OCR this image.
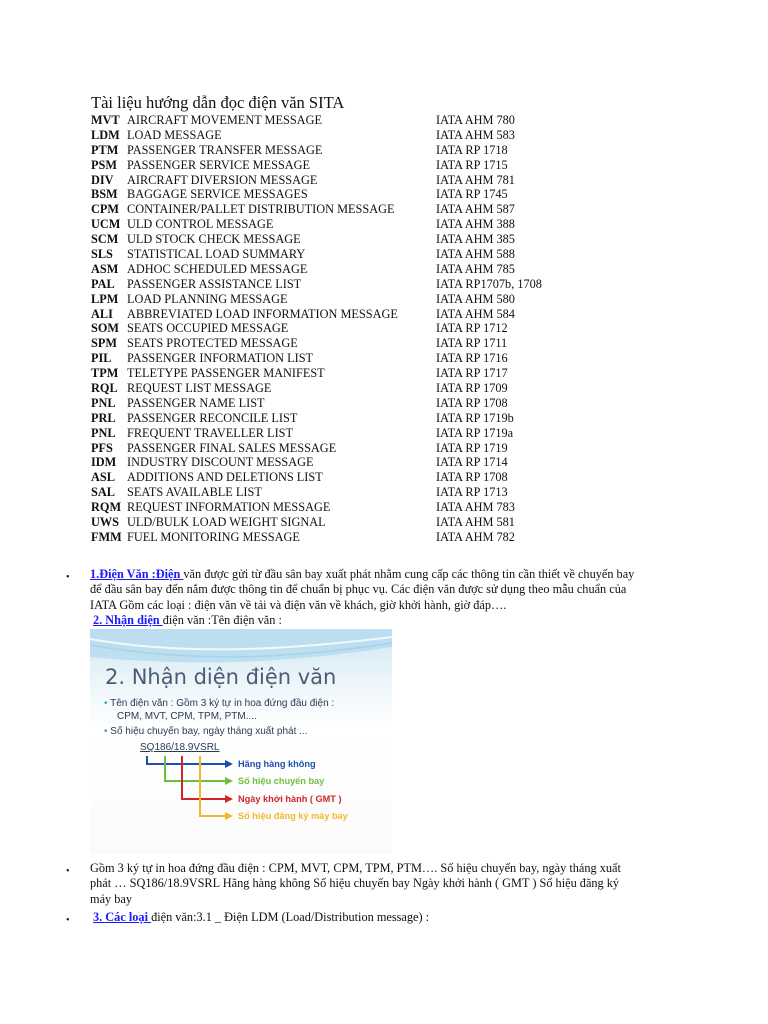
Tài liệu hướng dẫn đọc điện văn SITA
MVT AIRCRAFT MOVEMENT MESSAGE	IATA AHM 780
LDM LOAD MESSAGE	IATA AHM 583
PTM PASSENGER TRANSFER MESSAGE	IATA RP 1718
PSM PASSENGER SERVICE MESSAGE	IATA RP 1715
DIV AIRCRAFT DIVERSION MESSAGE	IATA AHM 781
BSM BAGGAGE SERVICE MESSAGES	IATA RP 1745
CPM CONTAINER/PALLET DISTRIBUTION MESSAGE	IATA AHM 587
UCM ULD CONTROL MESSAGE	IATA AHM 388
SCM ULD STOCK CHECK MESSAGE	IATA AHM 385
SLS STATISTICAL LOAD SUMMARY	IATA AHM 588
ASM ADHOC SCHEDULED MESSAGE	IATA AHM 785
PAL PASSENGER ASSISTANCE LIST	IATA RP1707b, 1708
LPM LOAD PLANNING MESSAGE	IATA AHM 580
ALI ABBREVIATED LOAD INFORMATION MESSAGE	IATA AHM 584
SOM SEATS OCCUPIED MESSAGE	IATA RP 1712
SPM SEATS PROTECTED MESSAGE	IATA RP 1711
PIL PASSENGER INFORMATION LIST	IATA RP 1716
TPM TELETYPE PASSENGER MANIFEST	IATA RP 1717
RQL REQUEST LIST MESSAGE	IATA RP 1709
PNL PASSENGER NAME LIST	IATA RP 1708
PRL PASSENGER RECONCILE LIST	IATA RP 1719b
PNL FREQUENT TRAVELLER LIST	IATA RP 1719a
PFS PASSENGER FINAL SALES MESSAGE	IATA RP 1719
IDM INDUSTRY DISCOUNT MESSAGE	IATA RP 1714
ASL ADDITIONS AND DELETIONS LIST	IATA RP 1708
SAL SEATS AVAILABLE LIST	IATA RP 1713
RQM REQUEST INFORMATION MESSAGE	IATA AHM 783
UWS ULD/BULK LOAD WEIGHT SIGNAL	IATA AHM 581
FMM FUEL MONITORING MESSAGE	IATA AHM 782
• 1.Điện Văn :Điện văn được gửi từ đầu sân bay xuất phát nhằm cung cấp các thông tin cần thiết về chuyến bay
để đầu sân bay đến nắm được thông tin để chuẩn bị phục vụ. Các điện văn được sử dụng theo mẫu chuẩn của
IATA Gồm các loại : điện văn về tải và điện văn về khách, giờ khởi hành, giờ đáp….
2. Nhận diện điện văn :Tên điện văn :
2. Nhận diện điện văn
• Tên điện văn : Gồm 3 ký tự in hoa đứng đầu điện :
CPM, MVT, CPM, TPM, PTM....
• Số hiệu chuyến bay, ngày tháng xuất phát ...
SQ186/18.9VSRL
Hãng hàng không
Số hiệu chuyến bay
Ngày khởi hành ( GMT )
Số hiệu đăng ký máy bay
• Gồm 3 ký tự in hoa đứng đầu điện : CPM, MVT, CPM, TPM, PTM…. Số hiệu chuyến bay, ngày tháng xuất
phát … SQ186/18.9VSRL Hãng hàng không Số hiệu chuyến bay Ngày khởi hành ( GMT ) Số hiệu đăng ký
máy bay
• 3. Các loại điện văn:3.1 _ Điện LDM (Load/Distribution message) :
